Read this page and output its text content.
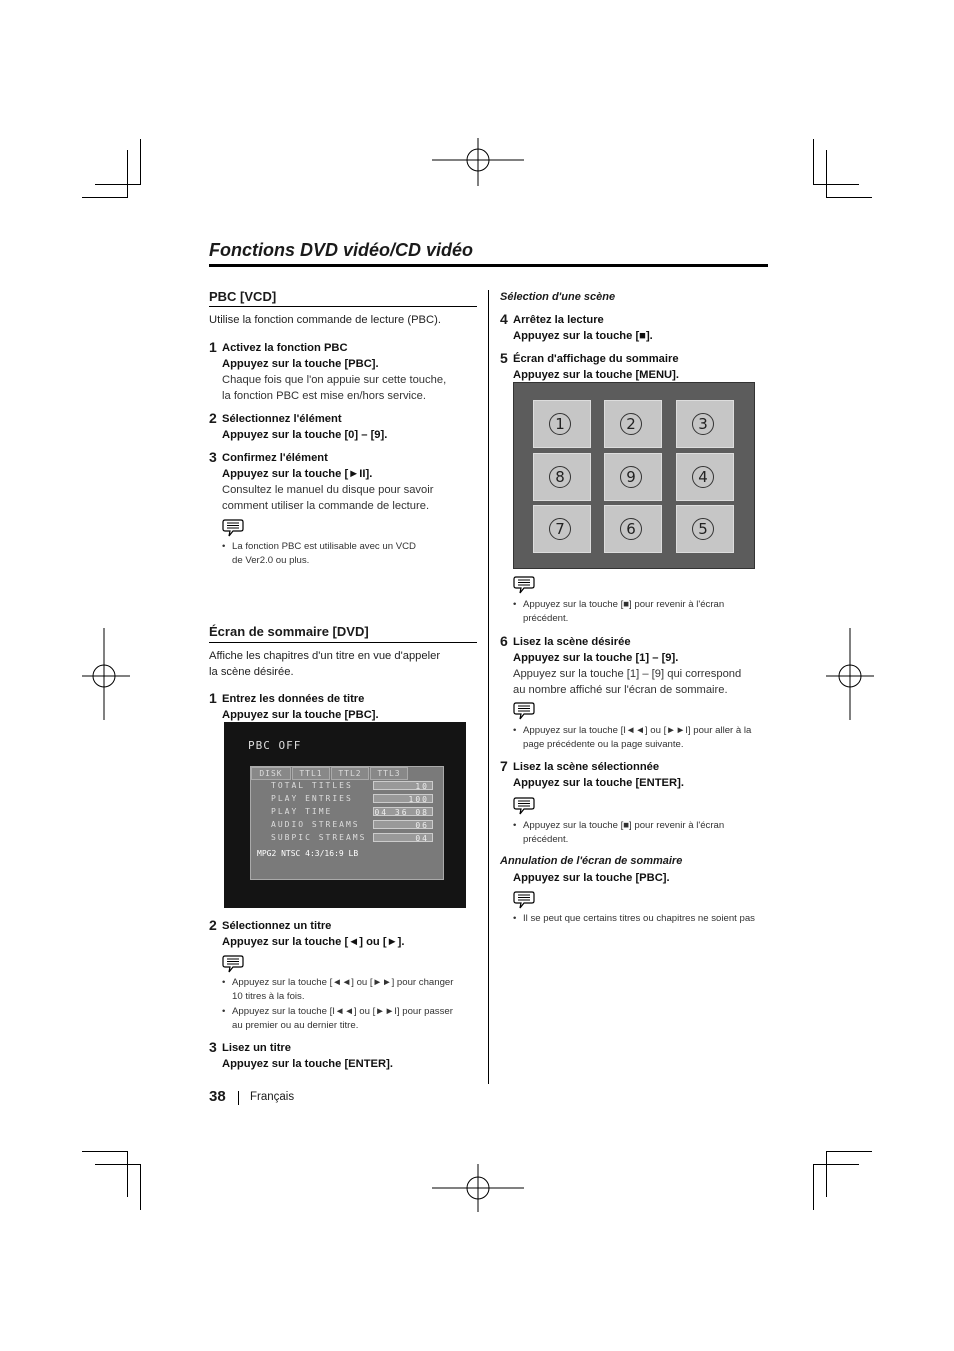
Fonctions DVD vidéo/CD vidéo
PBC [VCD]
Utilise la fonction commande de lecture (PBC).
1 Activez la fonction PBC
Appuyez sur la touche [PBC].
Chaque fois que l'on appuie sur cette touche,
la fonction PBC est mise en/hors service.
2 Sélectionnez l'élément
Appuyez sur la touche [0] – [9].
3 Confirmez l'élément
Appuyez sur la touche [►II].
Consultez le manuel du disque pour savoir
comment utiliser la commande de lecture.
• La fonction PBC est utilisable avec un VCD
de Ver2.0 ou plus.
Écran de sommaire [DVD]
Affiche les chapitres d'un titre en vue d'appeler
la scène désirée.
1 Entrez les données de titre
Appuyez sur la touche [PBC].
PBC OFF
DISK	TTL1	TTL2	TTL3
TOTAL TITLES	10
PLAY ENTRIES	100
PLAY TIME	04 36 08
AUDIO STREAMS	06
SUBPIC STREAMS	04
MPG2 NTSC 4:3/16:9 LB
2 Sélectionnez un titre
Appuyez sur la touche [◄] ou [►].
• Appuyez sur la touche [◄◄] ou [►►] pour changer
10 titres à la fois.
• Appuyez sur la touche [I◄◄] ou [►►I] pour passer
au premier ou au dernier titre.
3 Lisez un titre
Appuyez sur la touche [ENTER].
Sélection d'une scène
4 Arrêtez la lecture
Appuyez sur la touche [■].
5 Écran d'affichage du sommaire
Appuyez sur la touche [MENU].
1	2	3
8	9	4
7	6	5
• Appuyez sur la touche [■] pour revenir à l'écran
précédent.
6 Lisez la scène désirée
Appuyez sur la touche [1] – [9].
Appuyez sur la touche [1] – [9] qui correspond
au nombre affiché sur l'écran de sommaire.
• Appuyez sur la touche [I◄◄] ou [►►I] pour aller à la
page précédente ou la page suivante.
7 Lisez la scène sélectionnée
Appuyez sur la touche [ENTER].
• Appuyez sur la touche [■] pour revenir à l'écran
précédent.
Annulation de l'écran de sommaire
Appuyez sur la touche [PBC].
• Il se peut que certains titres ou chapitres ne soient pas
38 Français
